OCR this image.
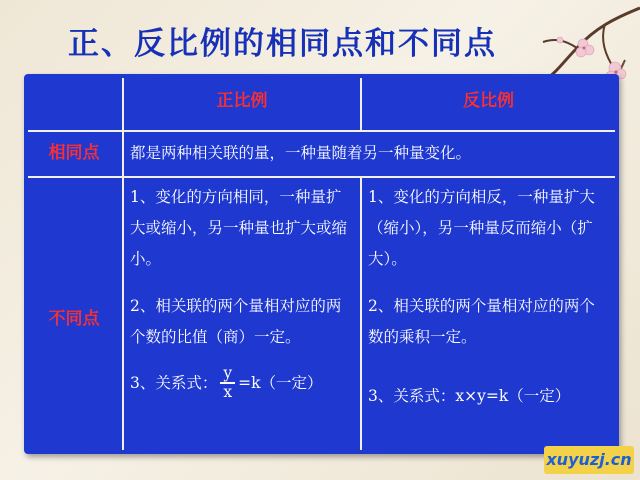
正、反比例的相同点和不同点
正比例	反比例
相同点	都是两种相关联的量，一种量随着另一种量变化。
不同点

1、变化的方向相同，一种量扩大或缩小，另一种量也扩大或缩小。

2、相关联的两个量相对应的两个数的比值（商）一定。

3、关系式： $\frac{y}{x} =k$（一定）

1、变化的方向相反，一种量扩大（缩小），另一种量反而缩小（扩大）。

2、相关联的两个量相对应的两个数的乘积一定。

3、关系式：x×y=k（一定）

xuyuzj.cn
